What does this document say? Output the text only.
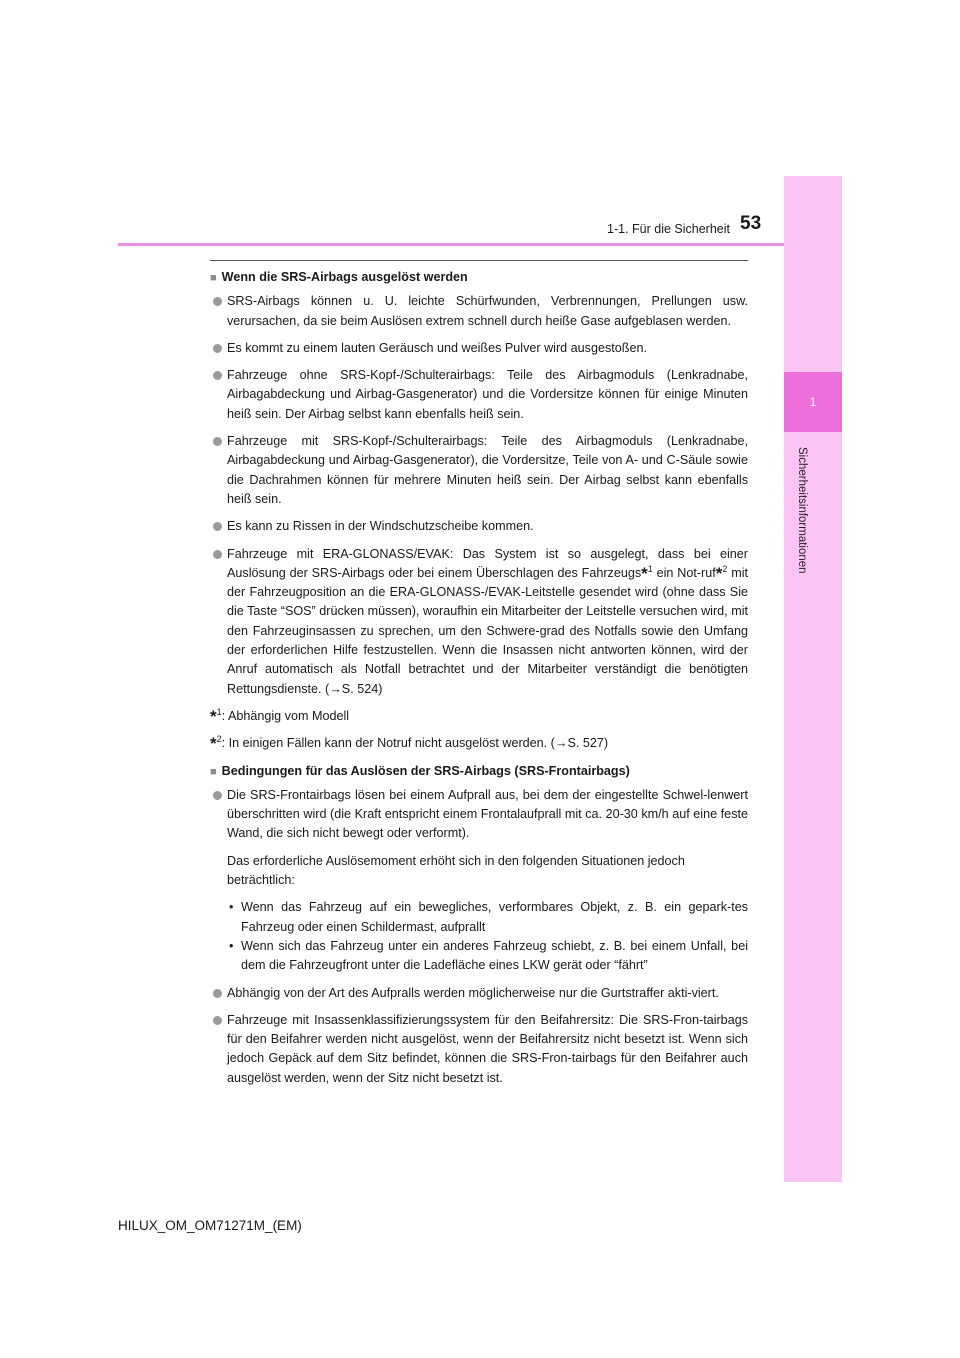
1
Sicherheitsinformationen
1-1. Für die Sicherheit 53
■ Wenn die SRS-Airbags ausgelöst werden
SRS-Airbags können u. U. leichte Schürfwunden, Verbrennungen, Prellungen usw. verursachen, da sie beim Auslösen extrem schnell durch heiße Gase aufgeblasen werden.
Es kommt zu einem lauten Geräusch und weißes Pulver wird ausgestoßen.
Fahrzeuge ohne SRS-Kopf-/Schulterairbags: Teile des Airbagmoduls (Lenkradnabe, Airbagabdeckung und Airbag-Gasgenerator) und die Vordersitze können für einige Minuten heiß sein. Der Airbag selbst kann ebenfalls heiß sein.
Fahrzeuge mit SRS-Kopf-/Schulterairbags: Teile des Airbagmoduls (Lenkradnabe, Airbagabdeckung und Airbag-Gasgenerator), die Vordersitze, Teile von A- und C-Säule sowie die Dachrahmen können für mehrere Minuten heiß sein. Der Airbag selbst kann ebenfalls heiß sein.
Es kann zu Rissen in der Windschutzscheibe kommen.
Fahrzeuge mit ERA-GLONASS/EVAK: Das System ist so ausgelegt, dass bei einer Auslösung der SRS-Airbags oder bei einem Überschlagen des Fahrzeugs*$^1$ ein Not-ruf*$^2$ mit der Fahrzeugposition an die ERA-GLONASS-/EVAK-Leitstelle gesendet wird (ohne dass Sie die Taste “SOS” drücken müssen), woraufhin ein Mitarbeiter der Leitstelle versuchen wird, mit den Fahrzeuginsassen zu sprechen, um den Schwere-grad des Notfalls sowie den Umfang der erforderlichen Hilfe festzustellen. Wenn die Insassen nicht antworten können, wird der Anruf automatisch als Notfall betrachtet und der Mitarbeiter verständigt die benötigten Rettungsdienste. (→S. 524)
*$^1$: Abhängig vom Modell
*$^2$: In einigen Fällen kann der Notruf nicht ausgelöst werden. (→S. 527)
■ Bedingungen für das Auslösen der SRS-Airbags (SRS-Frontairbags)
Die SRS-Frontairbags lösen bei einem Aufprall aus, bei dem der eingestellte Schwel-lenwert überschritten wird (die Kraft entspricht einem Frontalaufprall mit ca. 20-30 km/h auf eine feste Wand, die sich nicht bewegt oder verformt).
Das erforderliche Auslösemoment erhöht sich in den folgenden Situationen jedoch beträchtlich:
• Wenn das Fahrzeug auf ein bewegliches, verformbares Objekt, z. B. ein gepark-tes Fahrzeug oder einen Schildermast, aufprallt
• Wenn sich das Fahrzeug unter ein anderes Fahrzeug schiebt, z. B. bei einem Unfall, bei dem die Fahrzeugfront unter die Ladefläche eines LKW gerät oder “fährt”
Abhängig von der Art des Aufpralls werden möglicherweise nur die Gurtstraffer akti-viert.
Fahrzeuge mit Insassenklassifizierungssystem für den Beifahrersitz: Die SRS-Fron-tairbags für den Beifahrer werden nicht ausgelöst, wenn der Beifahrersitz nicht besetzt ist. Wenn sich jedoch Gepäck auf dem Sitz befindet, können die SRS-Fron-tairbags für den Beifahrer auch ausgelöst werden, wenn der Sitz nicht besetzt ist.
HILUX_OM_OM71271M_(EM)
